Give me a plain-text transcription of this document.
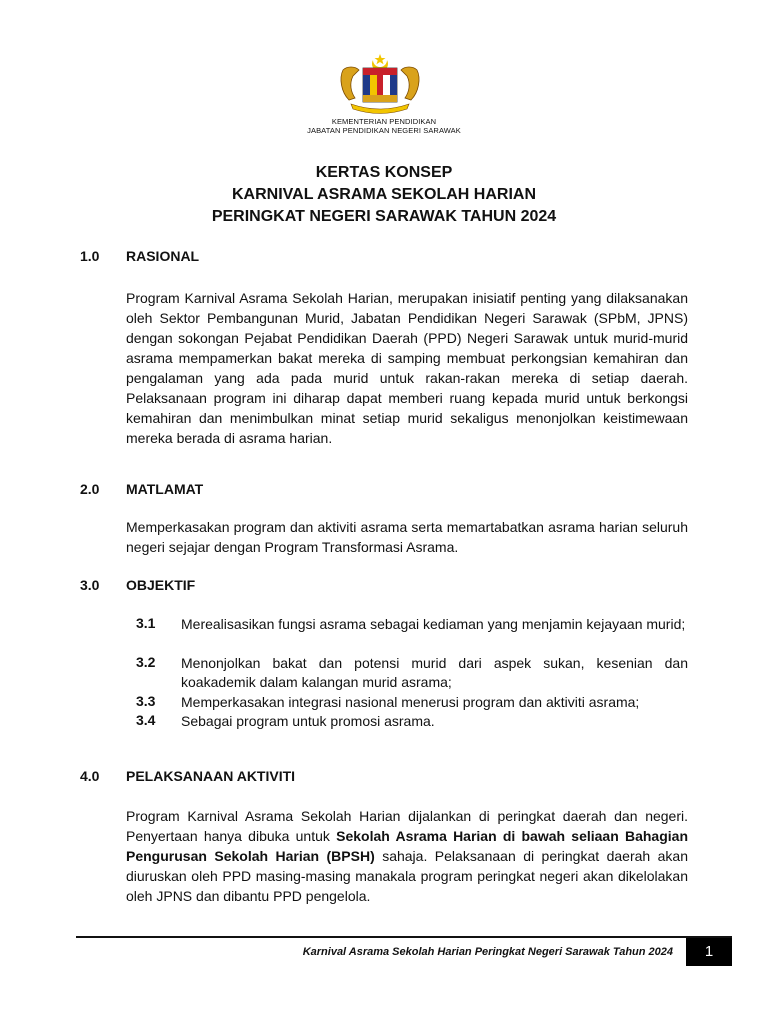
KEMENTERIAN PENDIDIKAN
JABATAN PENDIDIKAN NEGERI SARAWAK
KERTAS KONSEP
KARNIVAL ASRAMA SEKOLAH HARIAN
PERINGKAT NEGERI SARAWAK TAHUN 2024
1.0 RASIONAL

Program Karnival Asrama Sekolah Harian, merupakan inisiatif penting yang dilaksanakan oleh Sektor Pembangunan Murid, Jabatan Pendidikan Negeri Sarawak (SPbM, JPNS) dengan sokongan Pejabat Pendidikan Daerah (PPD) Negeri Sarawak untuk murid-murid asrama mempamerkan bakat mereka di samping membuat perkongsian kemahiran dan pengalaman yang ada pada murid untuk rakan-rakan mereka di setiap daerah. Pelaksanaan program ini diharap dapat memberi ruang kepada murid untuk berkongsi kemahiran dan menimbulkan minat setiap murid sekaligus menonjolkan keistimewaan mereka berada di asrama harian.

2.0 MATLAMAT

Memperkasakan program dan aktiviti asrama serta memartabatkan asrama harian seluruh negeri sejajar dengan Program Transformasi Asrama.

3.0 OBJEKTIF
3.1 Merealisasikan fungsi asrama sebagai kediaman yang menjamin kejayaan murid;

3.2 Menonjolkan bakat dan potensi murid dari aspek sukan, kesenian dan koakademik dalam kalangan murid asrama;

3.3 Memperkasakan integrasi nasional menerusi program dan aktiviti asrama;

3.4 Sebagai program untuk promosi asrama.

4.0 PELAKSANAAN AKTIVITI

Program Karnival Asrama Sekolah Harian dijalankan di peringkat daerah dan negeri. Penyertaan hanya dibuka untuk Sekolah Asrama Harian di bawah seliaan Bahagian Pengurusan Sekolah Harian (BPSH) sahaja. Pelaksanaan di peringkat daerah akan diuruskan oleh PPD masing-masing manakala program peringkat negeri akan dikelolakan oleh JPNS dan dibantu PPD pengelola.

Karnival Asrama Sekolah Harian Peringkat Negeri Sarawak Tahun 2024	1
